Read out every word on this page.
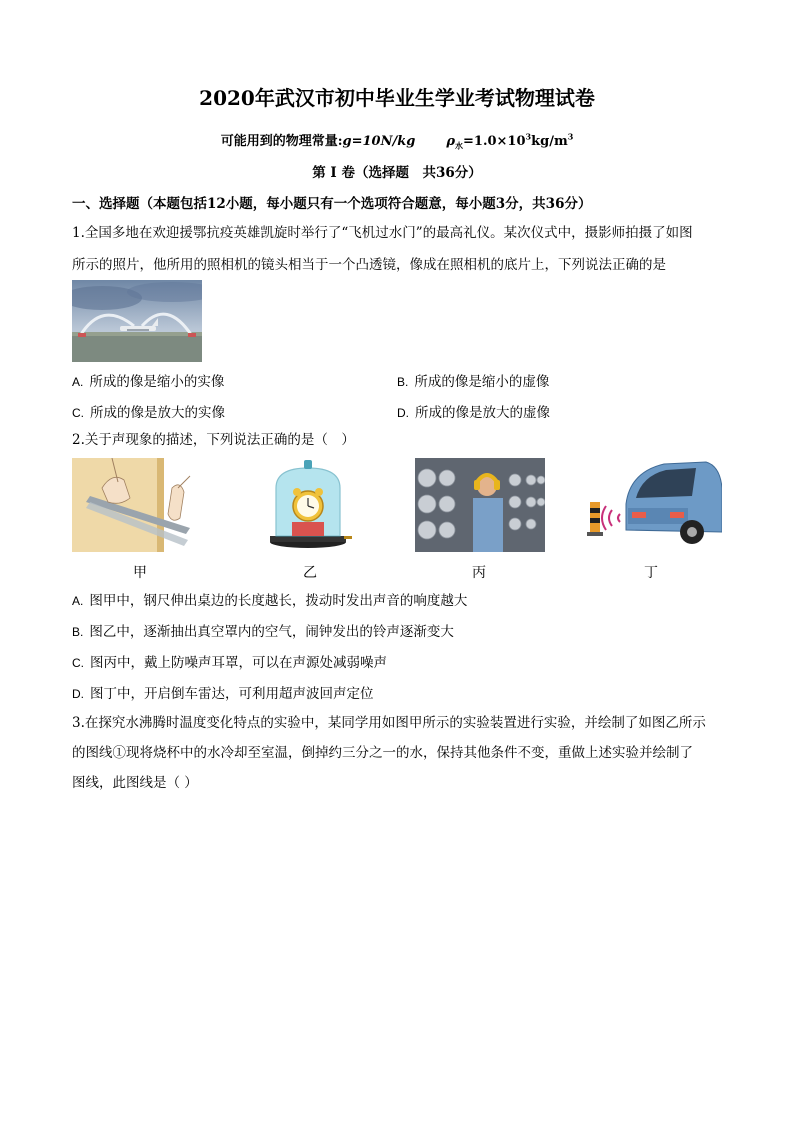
2020年武汉市初中毕业生学业考试物理试卷
可能用到的物理常量:g=10N/kg $\rho_水=1.0\times 10^3kg/m^3$
第 I 卷（选择题　共36分）
一、选择题（本题包括12小题，每小题只有一个选项符合题意，每小题3分，共36分）
1.全国多地在欢迎援鄂抗疫英雄凯旋时举行了“飞机过水门”的最高礼仪。某次仪式中，摄影师拍摄了如图
所示的照片，他所用的照相机的镜头相当于一个凸透镜，像成在照相机的底片上，下列说法正确的是
A. 所成的像是缩小的实像	B. 所成的像是缩小的虚像
C. 所成的像是放大的实像	D. 所成的像是放大的虚像
2.关于声现象的描述，下列说法正确的是（　）
甲	乙	丙	丁
A. 图甲中，钢尺伸出桌边的长度越长，拨动时发出声音的响度越大
B. 图乙中，逐渐抽出真空罩内的空气，闹钟发出的铃声逐渐变大
C. 图丙中，戴上防噪声耳罩，可以在声源处减弱噪声
D. 图丁中，开启倒车雷达，可利用超声波回声定位
3.在探究水沸腾时温度变化特点的实验中，某同学用如图甲所示的实验装置进行实验，并绘制了如图乙所示
的图线①现将烧杯中的水冷却至室温，倒掉约三分之一的水，保持其他条件不变，重做上述实验并绘制了
图线，此图线是（ ）
